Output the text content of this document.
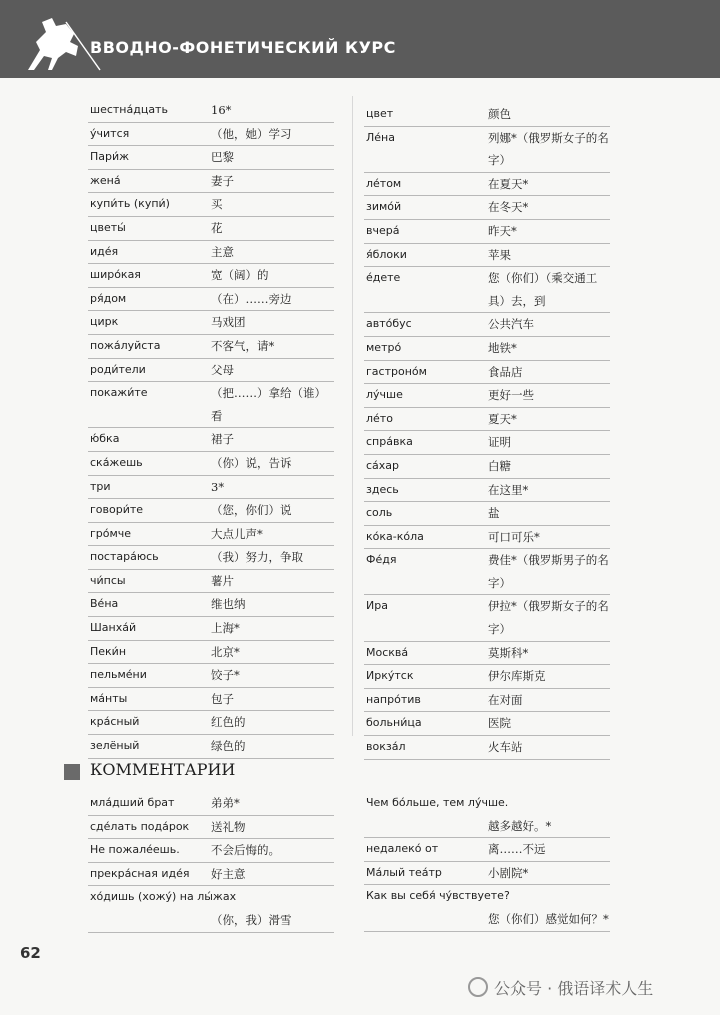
ВВОДНО-ФОНЕТИЧЕСКИЙ КУРС
шестна́дцать	16*
у́чится	（他，她）学习
Пари́ж	巴黎
жена́	妻子
купи́ть (купи́)	买
цветы́	花
иде́я	主意
широ́кая	宽（阔）的
ря́дом	（在）……旁边
цирк	马戏团
пожа́луйста	不客气，请*
роди́тели	父母
покажи́те	（把……）拿给（谁）看
ю́бка	裙子
ска́жешь	（你）说，告诉
три	3*
говори́те	（您，你们）说
гро́мче	大点儿声*
постара́юсь	（我）努力，争取
чи́псы	薯片
Ве́на	维也纳
Шанха́й	上海*
Пеки́н	北京*
пельме́ни	饺子*
ма́нты	包子
кра́сный	红色的
зелёный	绿色的
цвет	颜色
Ле́на	列娜*（俄罗斯女子的名字）
ле́том	在夏天*
зимо́й	在冬天*
вчера́	昨天*
я́блоки	苹果
е́дете	您（你们）（乘交通工具）去，到
авто́бус	公共汽车
метро́	地铁*
гастроно́м	食品店
лу́чше	更好一些
ле́то	夏天*
спра́вка	证明
са́хар	白糖
здесь	在这里*
соль	盐
ко́ка-ко́ла	可口可乐*
Фе́дя	费佳*（俄罗斯男子的名字）
Ира	伊拉*（俄罗斯女子的名字）
Москва́	莫斯科*
Ирку́тск	伊尔库斯克
напро́тив	在对面
больни́ца	医院
вокза́л	火车站
КОММЕНТАРИИ
мла́дший брат	弟弟*
сде́лать пода́рок 送礼物
Не пожале́ешь.	不会后悔的。
прекра́сная иде́я 好主意
хо́дишь (хожу́) на лы́жах
（你，我）滑雪
Чем бо́льше, тем лу́чше.
越多越好。*
недалеко́ от	离……不远
Ма́лый теа́тр	小剧院*
Как вы себя́ чу́вствуете?
您（你们）感觉如何？*
62
公众号 · 俄语译术人生
